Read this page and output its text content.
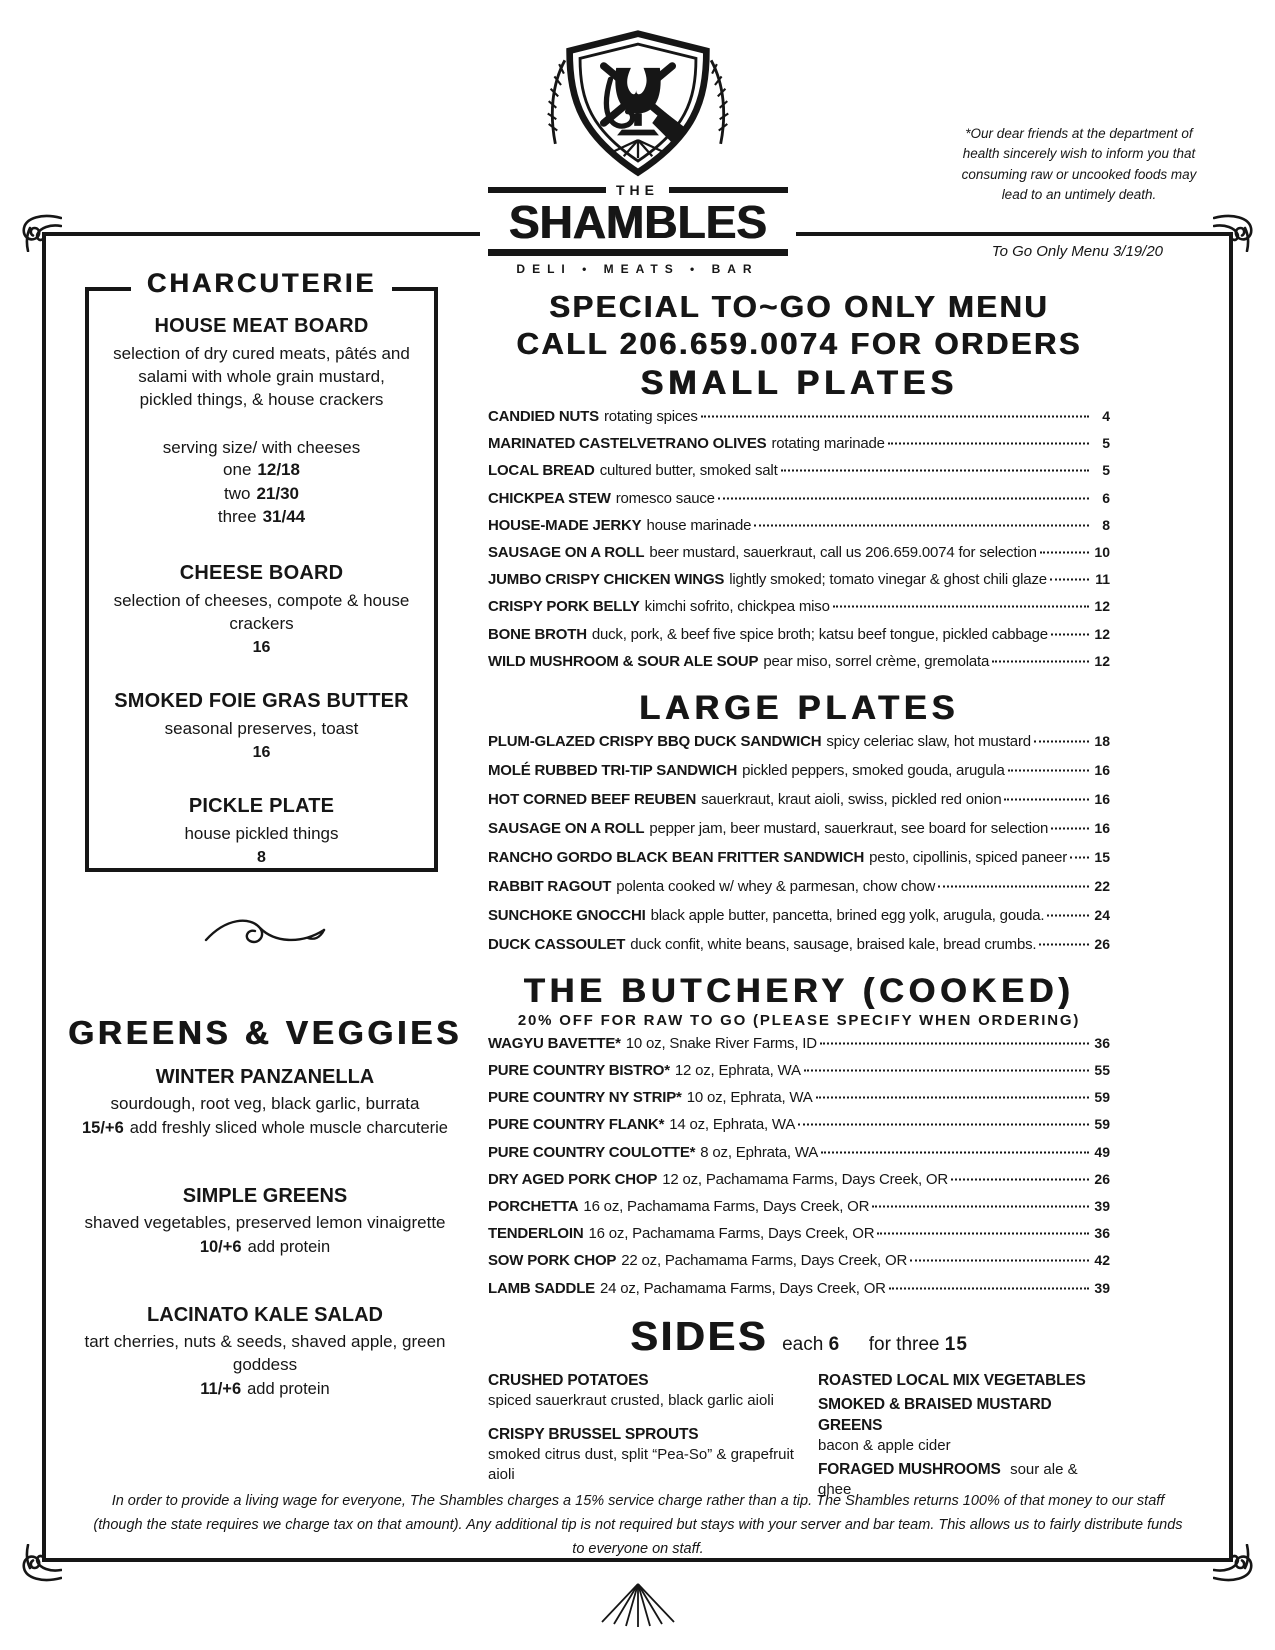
THE
SHAMBLES
DELI • MEATS • BAR
*Our dear friends at the department of health sincerely wish to inform you that consuming raw or uncooked foods may lead to an untimely death.
To Go Only Menu 3/19/20
CHARCUTERIE
HOUSE MEAT BOARD
selection of dry cured meats, pâtés and salami with whole grain mustard, pickled things, & house crackers
serving size/ with cheeses
one 12/18
two 21/30
three 31/44
CHEESE BOARD
selection of cheeses, compote & house crackers
16
SMOKED FOIE GRAS BUTTER
seasonal preserves, toast
16
PICKLE PLATE
house pickled things
8
GREENS & VEGGIES
WINTER PANZANELLA
sourdough, root veg, black garlic, burrata
15/+6 add freshly sliced whole muscle charcuterie
SIMPLE GREENS
shaved vegetables, preserved lemon vinaigrette
10/+6 add protein
LACINATO KALE SALAD
tart cherries, nuts & seeds, shaved apple, green goddess
11/+6 add protein
SPECIAL TO~GO ONLY MENU
CALL 206.659.0074 FOR ORDERS
SMALL PLATES
CANDIED NUTS rotating spices	4
MARINATED CASTELVETRANO OLIVES rotating marinade	5
LOCAL BREAD cultured butter, smoked salt	5
CHICKPEA STEW romesco sauce	6
HOUSE-MADE JERKY house marinade	8
SAUSAGE ON A ROLL beer mustard, sauerkraut, call us 206.659.0074 for selection	10
JUMBO CRISPY CHICKEN WINGS lightly smoked; tomato vinegar & ghost chili glaze	11
CRISPY PORK BELLY kimchi sofrito, chickpea miso	12
BONE BROTH duck, pork, & beef five spice broth; katsu beef tongue, pickled cabbage	12
WILD MUSHROOM & SOUR ALE SOUP pear miso, sorrel crème, gremolata	12
LARGE PLATES
PLUM-GLAZED CRISPY BBQ DUCK SANDWICH spicy celeriac slaw, hot mustard	18
MOLÉ RUBBED TRI-TIP SANDWICH pickled peppers, smoked gouda, arugula	16
HOT CORNED BEEF REUBEN sauerkraut, kraut aioli, swiss, pickled red onion	16
SAUSAGE ON A ROLL pepper jam, beer mustard, sauerkraut, see board for selection	16
RANCHO GORDO BLACK BEAN FRITTER SANDWICH pesto, cipollinis, spiced paneer 15
RABBIT RAGOUT polenta cooked w/ whey & parmesan, chow chow	22
SUNCHOKE GNOCCHI black apple butter, pancetta, brined egg yolk, arugula, gouda.	24
DUCK CASSOULET duck confit, white beans, sausage, braised kale, bread crumbs.	26
THE BUTCHERY (COOKED)
20% OFF FOR RAW TO GO (PLEASE SPECIFY WHEN ORDERING)
WAGYU BAVETTE* 10 oz, Snake River Farms, ID	36
PURE COUNTRY BISTRO* 12 oz, Ephrata, WA	55
PURE COUNTRY NY STRIP* 10 oz, Ephrata, WA	59
PURE COUNTRY FLANK* 14 oz, Ephrata, WA	59
PURE COUNTRY COULOTTE* 8 oz, Ephrata, WA	49
DRY AGED PORK CHOP 12 oz, Pachamama Farms, Days Creek, OR	26
PORCHETTA 16 oz, Pachamama Farms, Days Creek, OR	39
TENDERLOIN 16 oz, Pachamama Farms, Days Creek, OR	36
SOW PORK CHOP 22 oz, Pachamama Farms, Days Creek, OR	42
LAMB SADDLE 24 oz, Pachamama Farms, Days Creek, OR	39
SIDES each 6 for three 15
CRUSHED POTATOES
spiced sauerkraut crusted, black garlic aioli
CRISPY BRUSSEL SPROUTS
smoked citrus dust, split “Pea-So” & grapefruit aioli
ROASTED LOCAL MIX VEGETABLES
SMOKED & BRAISED MUSTARD GREENS
bacon & apple cider
FORAGED MUSHROOMS sour ale & ghee
In order to provide a living wage for everyone, The Shambles charges a 15% service charge rather than a tip. The Shambles returns 100% of that money to our staff
(though the state requires we charge tax on that amount). Any additional tip is not required but stays with your server and bar team. This allows us to fairly distribute funds to everyone on staff.
